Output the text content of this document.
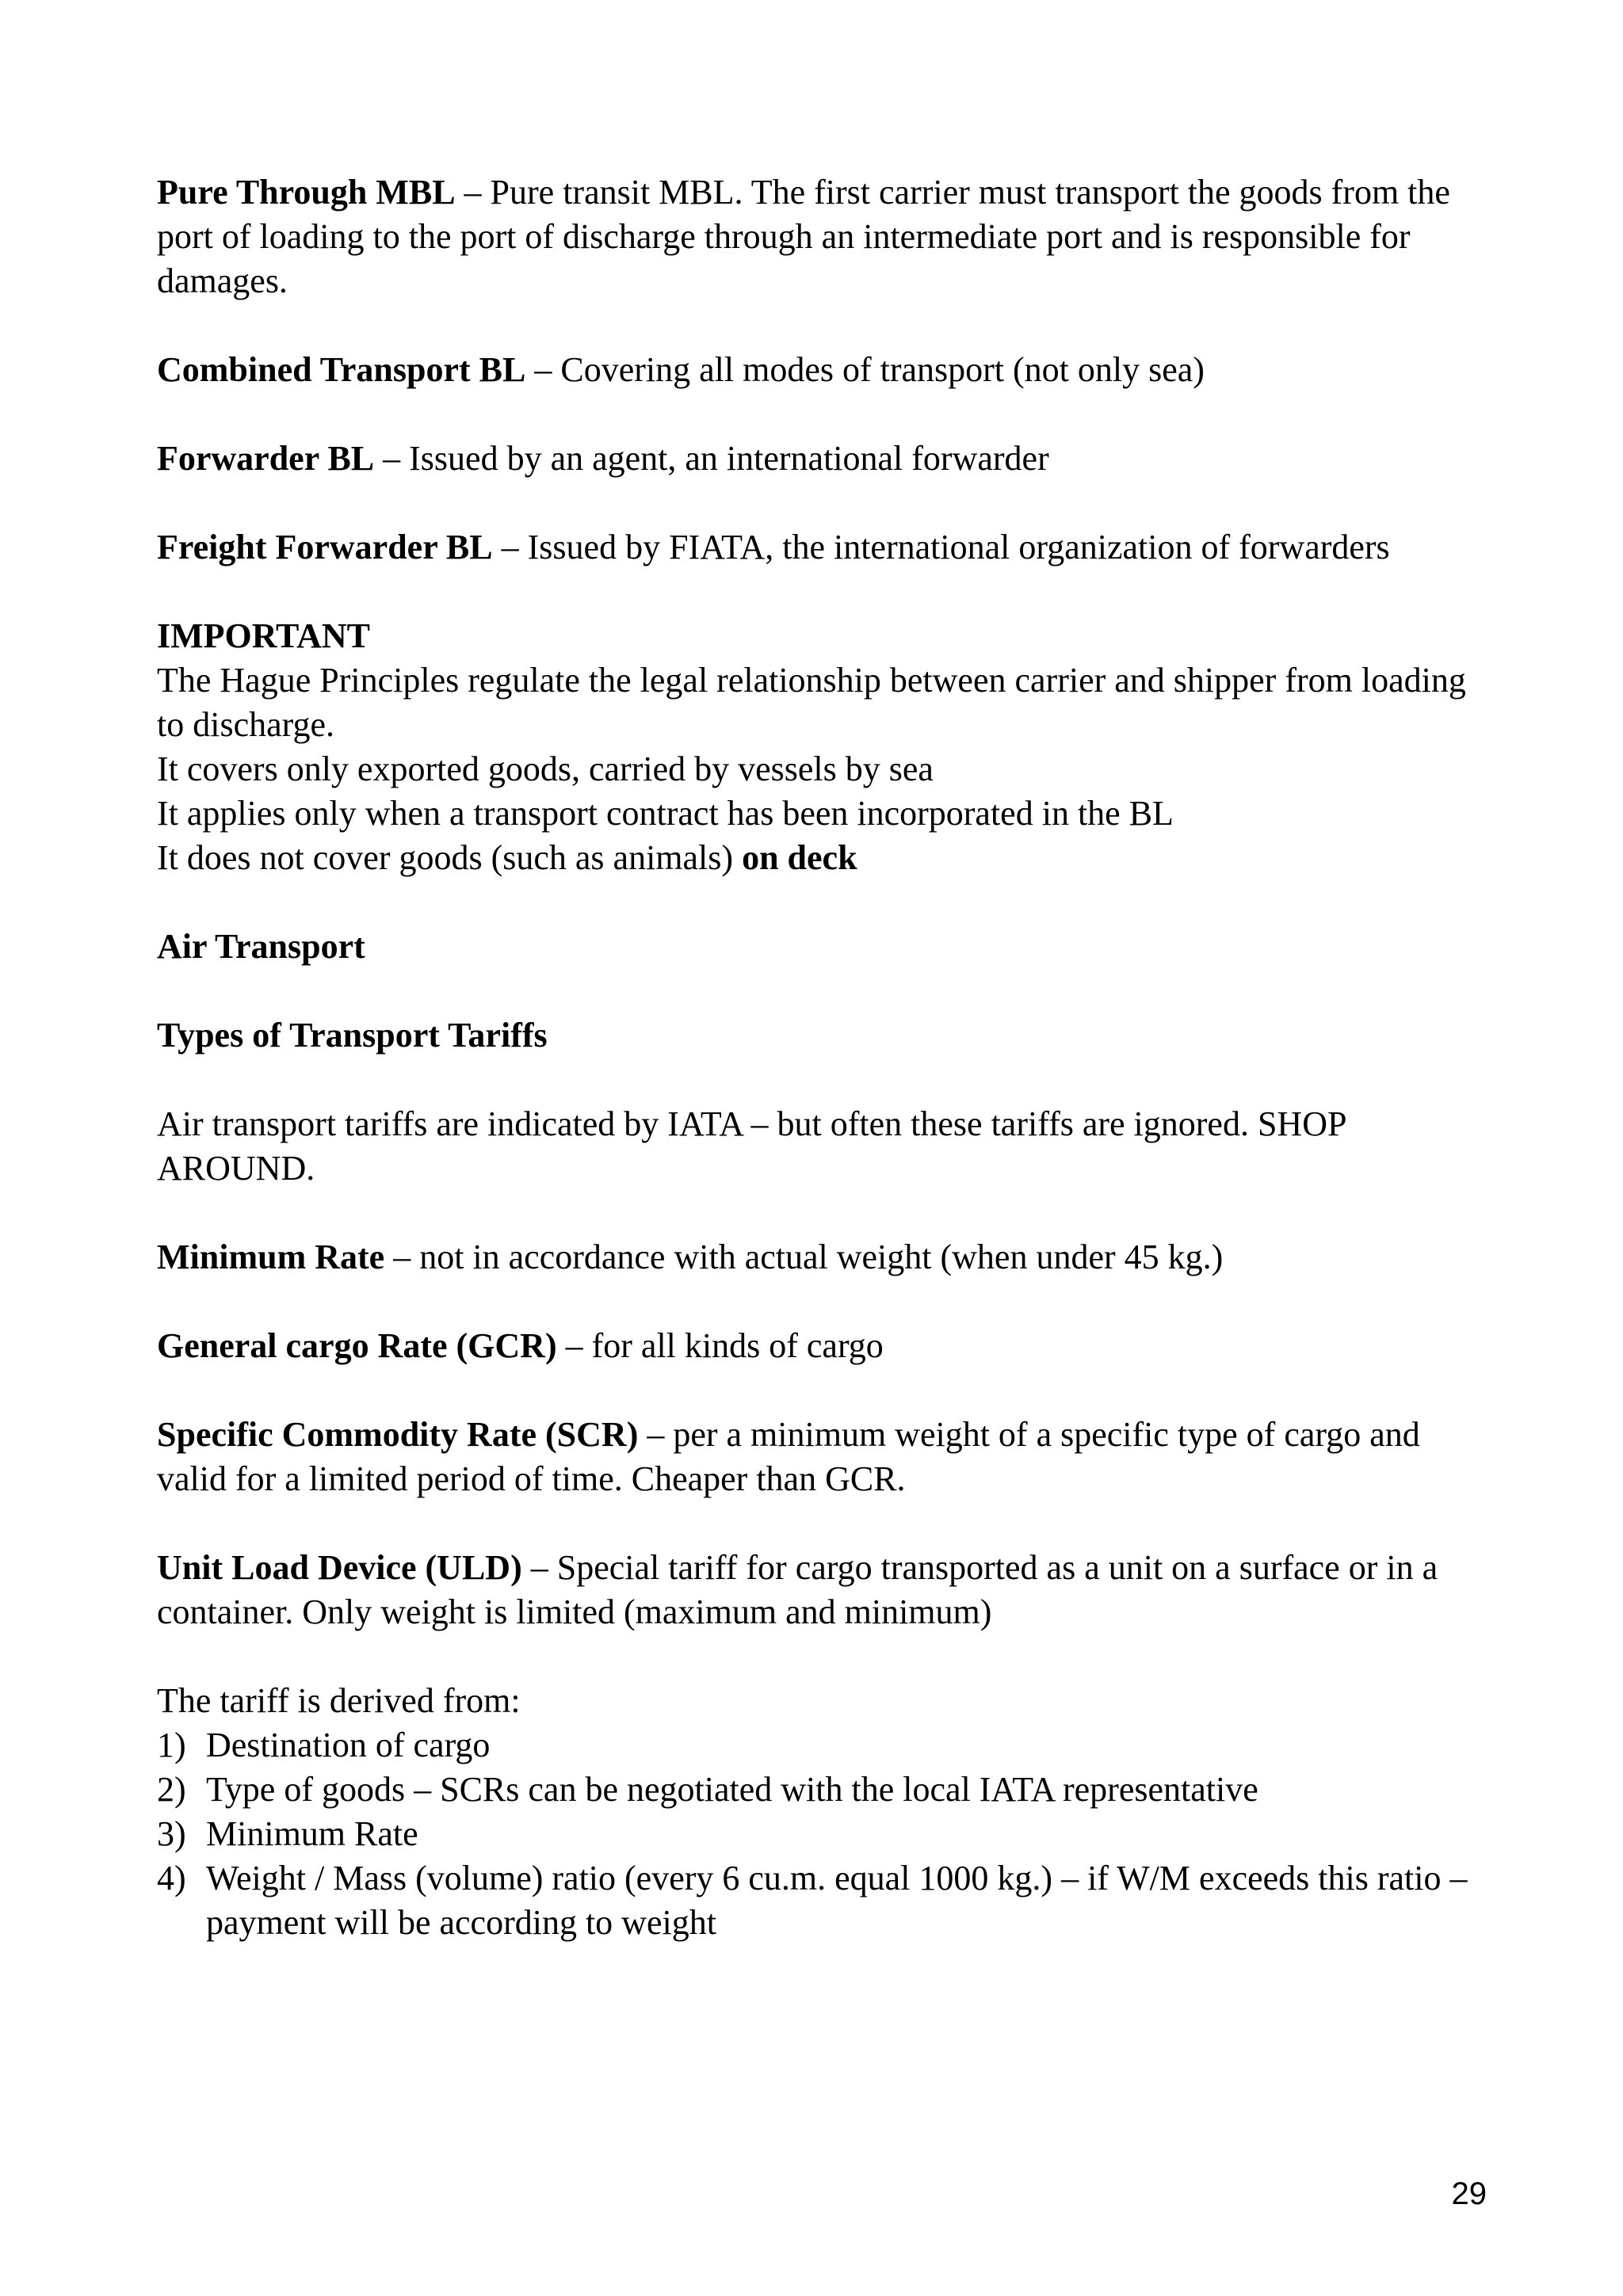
Pure Through MBL – Pure transit MBL. The first carrier must transport the goods from the port of loading to the port of discharge through an intermediate port and is responsible for damages.

Combined Transport BL – Covering all modes of transport (not only sea)

Forwarder BL – Issued by an agent, an international forwarder

Freight Forwarder BL – Issued by FIATA, the international organization of forwarders

IMPORTANT
The Hague Principles regulate the legal relationship between carrier and shipper from loading to discharge.
It covers only exported goods, carried by vessels by sea
It applies only when a transport contract has been incorporated in the BL
It does not cover goods (such as animals) on deck

Air Transport

Types of Transport Tariffs

Air transport tariffs are indicated by IATA – but often these tariffs are ignored. SHOP AROUND.

Minimum Rate – not in accordance with actual weight (when under 45 kg.)

General cargo Rate (GCR) – for all kinds of cargo

Specific Commodity Rate (SCR) – per a minimum weight of a specific type of cargo and valid for a limited period of time. Cheaper than GCR.

Unit Load Device (ULD) – Special tariff for cargo transported as a unit on a surface or in a container. Only weight is limited (maximum and minimum)

The tariff is derived from:
1) Destination of cargo
2) Type of goods – SCRs can be negotiated with the local IATA representative
3) Minimum Rate
4) Weight / Mass (volume) ratio (every 6 cu.m. equal 1000 kg.) – if W/M exceeds this ratio – payment will be according to weight
29
